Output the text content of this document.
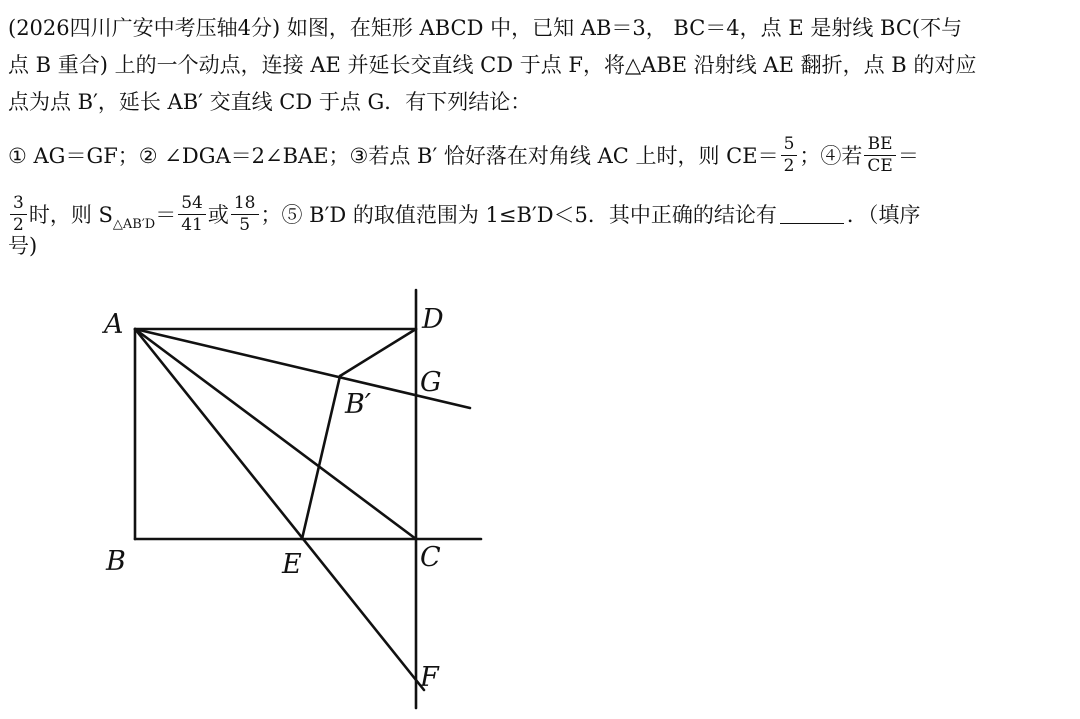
(2026四川广安中考压轴4分) 如图，在矩形 ABCD 中，已知 AB＝3， BC＝4，点 E 是射线 BC(不与
点 B 重合) 上的一个动点，连接 AE 并延长交直线 CD 于点 F，将△ABE 沿射线 AE 翻折，点 B 的对应
点为点 B′，延长 AB′ 交直线 CD 于点 G．有下列结论：
① AG＝GF；② ∠DGA＝2∠BAE；③若点 B′ 恰好落在对角线 AC 上时，则 $CE= \frac{5}{2}$ ；④若 $\frac{BE}{CE}$ ＝
$\frac{3}{2}$ 时，则 $S_{\triangle AB'D}= \frac{54}{41}$ 或 $\frac{18}{5}$ ；⑤ B′D 的取值范围为 1≤B′D＜5．其中正确的结论有	．（填序
号)
A	D
G
B′
B	E	C
F
